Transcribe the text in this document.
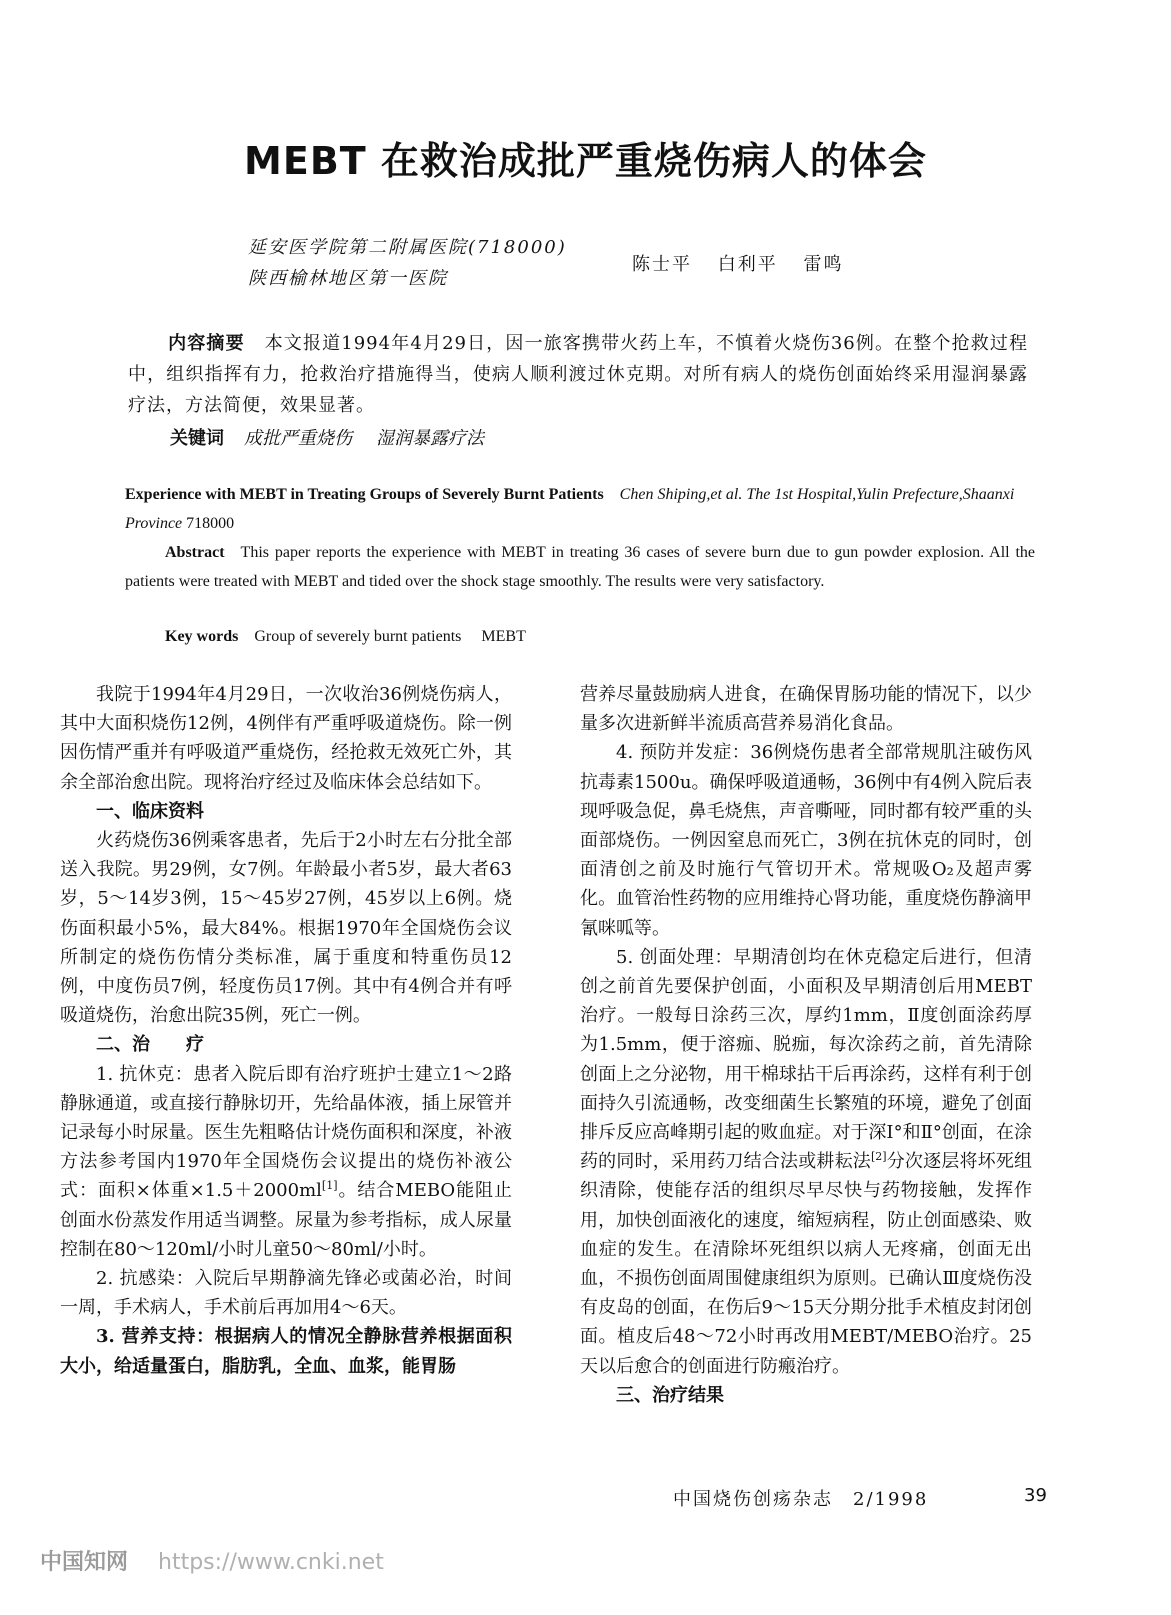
MEBT 在救治成批严重烧伤病人的体会
延安医学院第二附属医院(718000)
陕西榆林地区第一医院
陈士平 白利平 雷鸣
内容摘要 本文报道1994年4月29日，因一旅客携带火药上车，不慎着火烧伤36例。在整个抢救过程中，组织指挥有力，抢救治疗措施得当，使病人顺利渡过休克期。对所有病人的烧伤创面始终采用湿润暴露疗法，方法简便，效果显著。
关键词 成批严重烧伤 湿润暴露疗法
Experience with MEBT in Treating Groups of Severely Burnt Patients Chen Shiping,et al. The 1st Hospital,Yulin Prefecture,Shaanxi Province 718000
Abstract This paper reports the experience with MEBT in treating 36 cases of severe burn due to gun powder explosion. All the patients were treated with MEBT and tided over the shock stage smoothly. The results were very satisfactory.
Key words Group of severely burnt patients MEBT

我院于1994年4月29日，一次收治36例烧伤病人，其中大面积烧伤12例，4例伴有严重呼吸道烧伤。除一例因伤情严重并有呼吸道严重烧伤，经抢救无效死亡外，其余全部治愈出院。现将治疗经过及临床体会总结如下。

一、临床资料

火药烧伤36例乘客患者，先后于2小时左右分批全部送入我院。男29例，女7例。年龄最小者5岁，最大者63岁，5～14岁3例，15～45岁27例，45岁以上6例。烧伤面积最小5%，最大84%。根据1970年全国烧伤会议所制定的烧伤伤情分类标准，属于重度和特重伤员12例，中度伤员7例，轻度伤员17例。其中有4例合并有呼吸道烧伤，治愈出院35例，死亡一例。

二、治　　疗

1. 抗休克：患者入院后即有治疗班护士建立1～2路静脉通道，或直接行静脉切开，先给晶体液，插上尿管并记录每小时尿量。医生先粗略估计烧伤面积和深度，补液方法参考国内1970年全国烧伤会议提出的烧伤补液公式：面积×体重×1.5＋2000ml[1]。结合MEBO能阻止创面水份蒸发作用适当调整。尿量为参考指标，成人尿量控制在80～120ml/小时儿童50～80ml/小时。

2. 抗感染：入院后早期静滴先锋必或菌必治，时间一周，手术病人，手术前后再加用4～6天。

3. 营养支持：根据病人的情况全静脉营养根据面积大小，给适量蛋白，脂肪乳，全血、血浆，能胃肠

营养尽量鼓励病人进食，在确保胃肠功能的情况下，以少量多次进新鲜半流质高营养易消化食品。

4. 预防并发症：36例烧伤患者全部常规肌注破伤风抗毒素1500u。确保呼吸道通畅，36例中有4例入院后表现呼吸急促，鼻毛烧焦，声音嘶哑，同时都有较严重的头面部烧伤。一例因窒息而死亡，3例在抗休克的同时，创面清创之前及时施行气管切开术。常规吸O₂及超声雾化。血管治性药物的应用维持心肾功能，重度烧伤静滴甲氰咪呱等。

5. 创面处理：早期清创均在休克稳定后进行，但清创之前首先要保护创面，小面积及早期清创后用MEBT治疗。一般每日涂药三次，厚约1mm，Ⅱ度创面涂药厚为1.5mm，便于溶痂、脱痂，每次涂药之前，首先清除创面上之分泌物，用干棉球拈干后再涂药，这样有利于创面持久引流通畅，改变细菌生长繁殖的环境，避免了创面排斥反应高峰期引起的败血症。对于深Ⅰ°和Ⅱ°创面，在涂药的同时，采用药刀结合法或耕耘法[2]分次逐层将坏死组织清除，使能存活的组织尽早尽快与药物接触，发挥作用，加快创面液化的速度，缩短病程，防止创面感染、败血症的发生。在清除坏死组织以病人无疼痛，创面无出血，不损伤创面周围健康组织为原则。已确认Ⅲ度烧伤没有皮岛的创面，在伤后9～15天分期分批手术植皮封闭创面。植皮后48～72小时再改用MEBT/MEBO治疗。25天以后愈合的创面进行防瘢治疗。

三、治疗结果
中国烧伤创疡杂志　2/1998	39
中国知网 https://www.cnki.net
